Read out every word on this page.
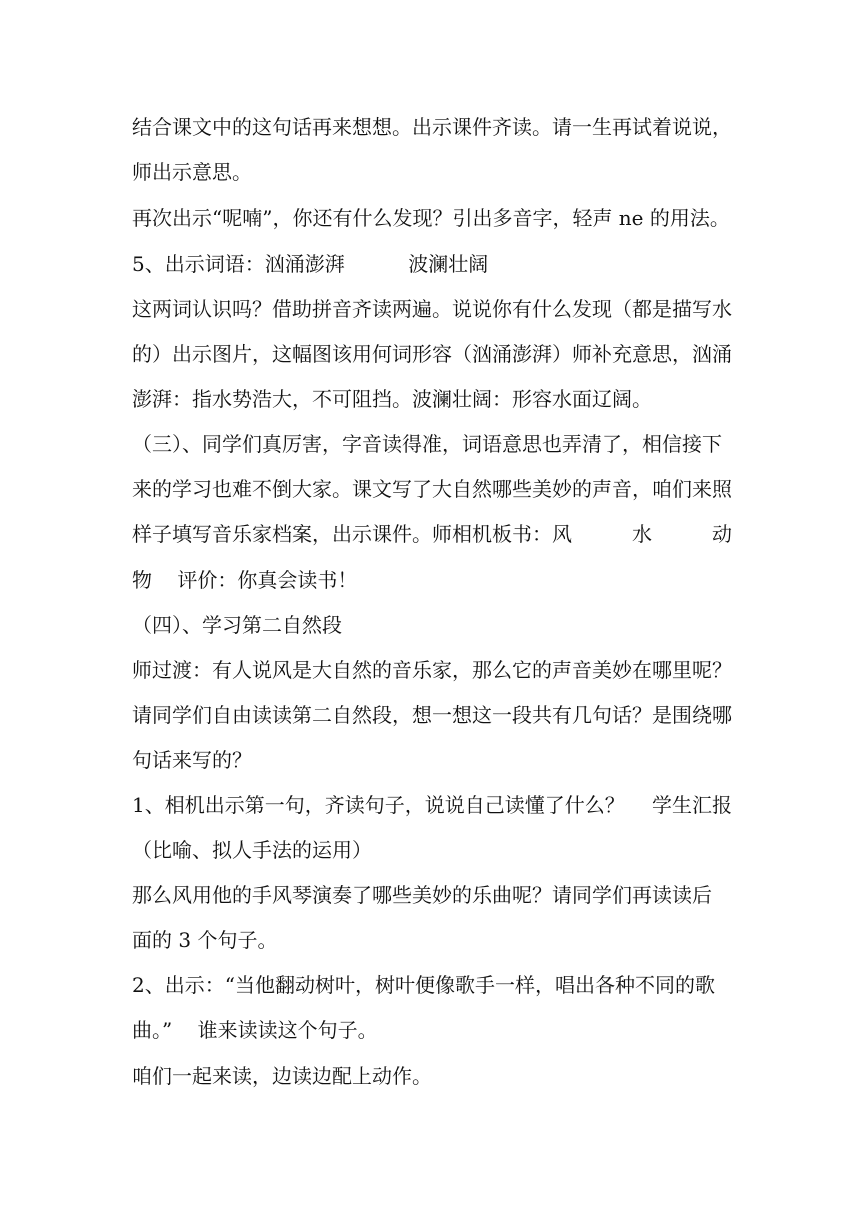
结合课文中的这句话再来想想。出示课件齐读。请一生再试着说说，
师出示意思。
再次出示“呢喃”，你还有什么发现？引出多音字，轻声 ne 的用法。
5、出示词语：汹涌澎湃          波澜壮阔
这两词认识吗？借助拼音齐读两遍。说说你有什么发现（都是描写水
的）出示图片，这幅图该用何词形容（汹涌澎湃）师补充意思，汹涌
澎湃：指水势浩大，不可阻挡。波澜壮阔：形容水面辽阔。
（三）、同学们真厉害，字音读得准，词语意思也弄清了，相信接下
来的学习也难不倒大家。课文写了大自然哪些美妙的声音，咱们来照
样子填写音乐家档案，出示课件。师相机板书：风	水	动
物    评价：你真会读书！
（四）、学习第二自然段
师过渡：有人说风是大自然的音乐家，那么它的声音美妙在哪里呢？
请同学们自由读读第二自然段，想一想这一段共有几句话？是围绕哪
句话来写的？
1、相机出示第一句，齐读句子，说说自己读懂了什么？ 学生汇报
（比喻、拟人手法的运用）
那么风用他的手风琴演奏了哪些美妙的乐曲呢？请同学们再读读后
面的 3 个句子。
2、出示：“当他翻动树叶，树叶便像歌手一样，唱出各种不同的歌
曲。”    谁来读读这个句子。
咱们一起来读，边读边配上动作。
